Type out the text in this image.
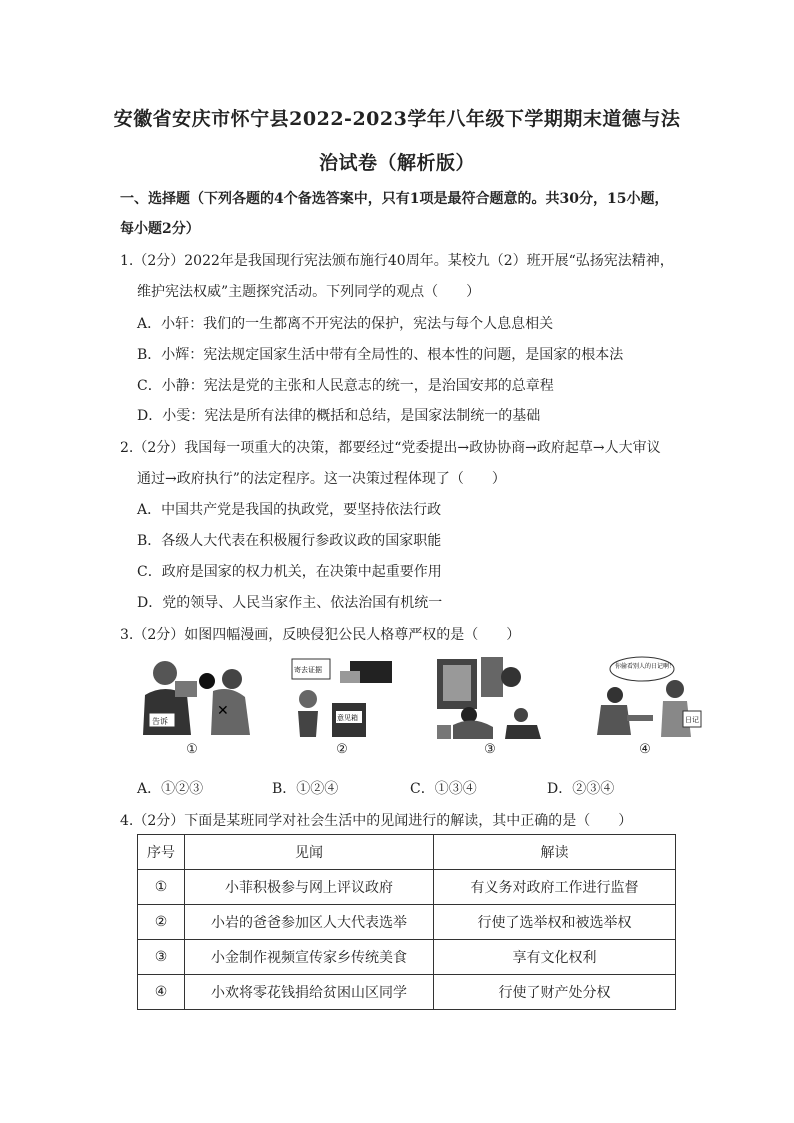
安徽省安庆市怀宁县2022-2023学年八年级下学期期末道德与法
治试卷（解析版）
一、选择题（下列各题的4个备选答案中，只有1项是最符合题意的。共30分，15小题，
每小题2分）
1.（2分）2022年是我国现行宪法颁布施行40周年。某校九（2）班开展“弘扬宪法精神，
维护宪法权威”主题探究活动。下列同学的观点（　　）
A．小轩：我们的一生都离不开宪法的保护，宪法与每个人息息相关
B．小辉：宪法规定国家生活中带有全局性的、根本性的问题，是国家的根本法
C．小静：宪法是党的主张和人民意志的统一，是治国安邦的总章程
D．小雯：宪法是所有法律的概括和总结，是国家法制统一的基础
2.（2分）我国每一项重大的决策，都要经过“党委提出→政协协商→政府起草→人大审议
通过→政府执行”的法定程序。这一决策过程体现了（　　）
A．中国共产党是我国的执政党，要坚持依法行政
B．各级人大代表在积极履行参政议政的国家职能
C．政府是国家的权力机关，在决策中起重要作用
D．党的领导、人民当家作主、依法治国有机统一
3.（2分）如图四幅漫画，反映侵犯公民人格尊严权的是（　　）
✕
告诉
①
寄去证据
意见箱
②	③
你偷看别人的日记啊！
日记
④
A．①②③	B．①②④	C．①③④	D．②③④
4.（2分）下面是某班同学对社会生活中的见闻进行的解读，其中正确的是（　　）
序号	见闻	解读
①	小菲积极参与网上评议政府	有义务对政府工作进行监督
②	小岩的爸爸参加区人大代表选举	行使了选举权和被选举权
③	小金制作视频宣传家乡传统美食	享有文化权利
④	小欢将零花钱捐给贫困山区同学	行使了财产处分权
